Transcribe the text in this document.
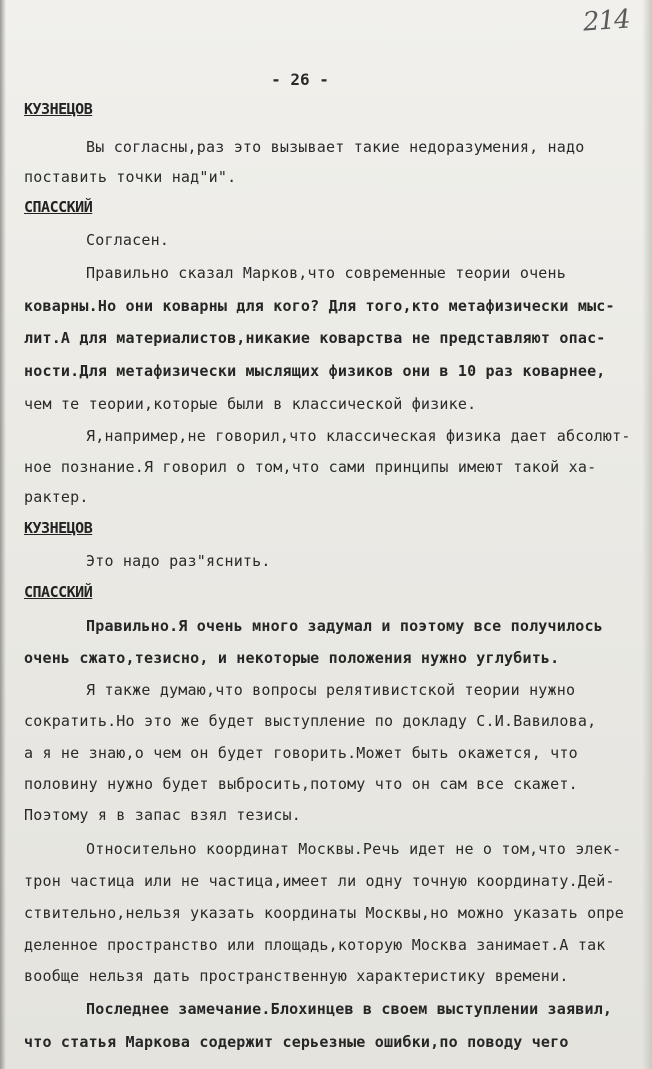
214
- 26 -
КУЗНЕЦОВ
Вы согласны,раз это вызывает такие недоразумения, надо
поставить точки над"и".
СПАССКИЙ
Согласен.
Правильно сказал Марков,что современные теории очень
коварны.Но они коварны для кого? Для того,кто метафизически мыс-
лит.А для материалистов,никакие коварства не представляют опас-
ности.Для метафизически мыслящих физиков они в 10 раз коварнее,
чем те теории,которые были в классической физике.
Я,например,не говорил,что классическая физика дает абсолют-
ное познание.Я говорил о том,что сами принципы имеют такой ха-
рактер.
КУЗНЕЦОВ
Это надо раз"яснить.
СПАССКИЙ
Правильно.Я очень много задумал и поэтому все получилось
очень сжато,тезисно, и некоторые положения нужно углубить.
Я также думаю,что вопросы релятивистской теории нужно
сократить.Но это же будет выступление по докладу С.И.Вавилова,
а я не знаю,о чем он будет говорить.Может быть окажется, что
половину нужно будет выбросить,потому что он сам все скажет.
Поэтому я в запас взял тезисы.
Относительно координат Москвы.Речь идет не о том,что элек-
трон частица или не частица,имеет ли одну точную координату.Дей-
ствительно,нельзя указать координаты Москвы,но можно указать опре
деленное пространство или площадь,которую Москва занимает.А так
вообще нельзя дать пространственную характеристику времени.
Последнее замечание.Блохинцев в своем выступлении заявил,
что статья Маркова содержит серьезные ошибки,по поводу чего
